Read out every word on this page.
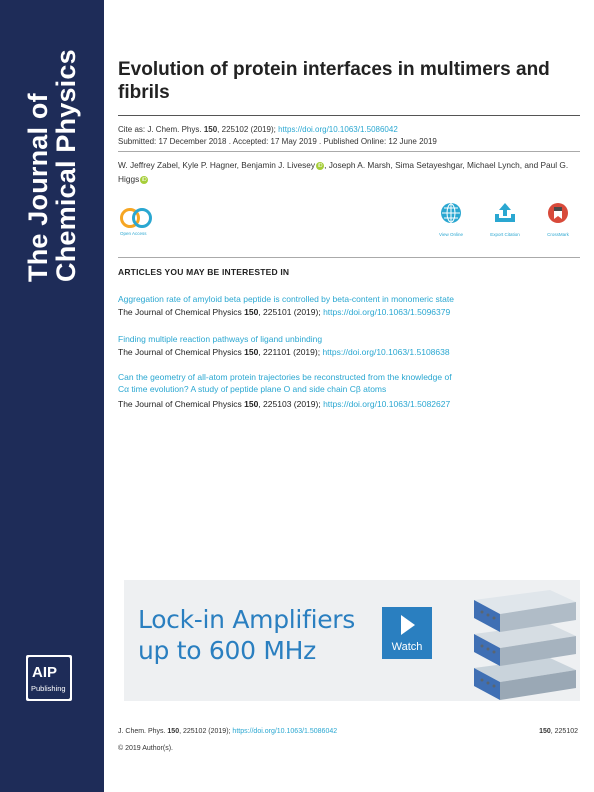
The Journal of
Chemical Physics
AIP
Publishing
Evolution of protein interfaces in multimers and fibrils
Cite as: J. Chem. Phys. 150, 225102 (2019); https://doi.org/10.1063/1.5086042
Submitted: 17 December 2018 . Accepted: 17 May 2019 . Published Online: 12 June 2019
W. Jeffrey Zabel, Kyle P. Hagner, Benjamin J. Livesey iD , Joseph A. Marsh, Sima Setayeshgar, Michael Lynch, and Paul G. Higgs iD
Open Access	View Online	Export Citation	CrossMark
ARTICLES YOU MAY BE INTERESTED IN
Aggregation rate of amyloid beta peptide is controlled by beta-content in monomeric state
The Journal of Chemical Physics 150, 225101 (2019); https://doi.org/10.1063/1.5096379
Finding multiple reaction pathways of ligand unbinding
The Journal of Chemical Physics 150, 221101 (2019); https://doi.org/10.1063/1.5108638
Can the geometry of all-atom protein trajectories be reconstructed from the knowledge of
Cα time evolution? A study of peptide plane O and side chain Cβ atoms
The Journal of Chemical Physics 150, 225103 (2019); https://doi.org/10.1063/1.5082627
Lock-in Amplifiers
up to 600 MHz	Watch
J. Chem. Phys. 150, 225102 (2019); https://doi.org/10.1063/1.5086042	150, 225102
© 2019 Author(s).
